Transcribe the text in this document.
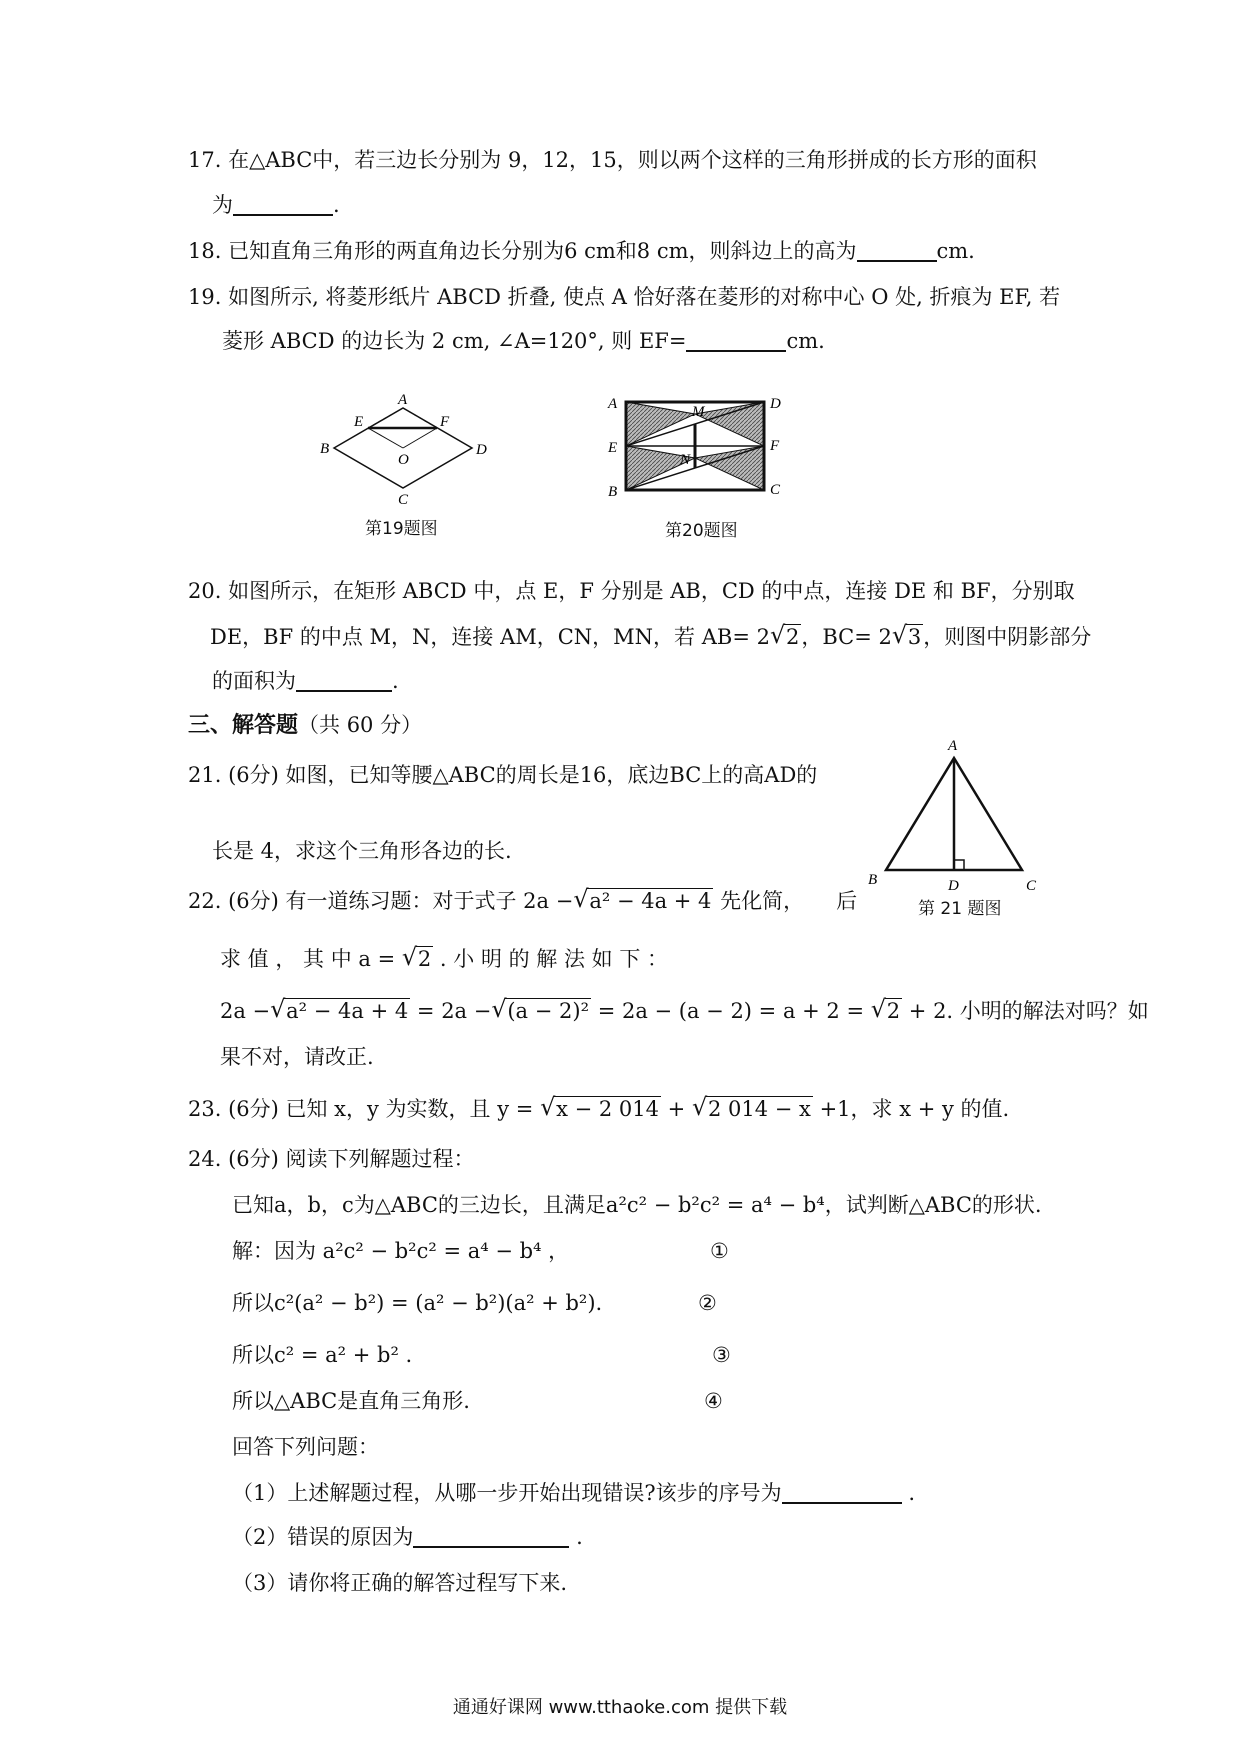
17. 在△ABC中，若三边长分别为 9，12，15，则以两个这样的三角形拼成的长方形的面积
为	.
18. 已知直角三角形的两直角边长分别为6 cm和8 cm，则斜边上的高为	cm.
19. 如图所示, 将菱形纸片 ABCD 折叠, 使点 A 恰好落在菱形的对称中心 O 处, 折痕为 EF, 若
菱形 ABCD 的边长为 2 cm, ∠A=120°, 则 EF=	cm.
A
B	D
C
E	F
O
第19题图
A
E
B
D
F
C
M
N
第20题图
20. 如图所示，在矩形 ABCD 中，点 E，F 分别是 AB，CD 的中点，连接 DE 和 BF，分别取
DE，BF 的中点 M，N，连接 AM，CN，MN，若 AB= 2 √ 2，BC= 2 √ 3，则图中阴影部分
的面积为	.
三、解答题（共 60 分）
A
B	D	C
第 21 题图
21. (6分) 如图，已知等腰△ABC的周长是16，底边BC上的高AD的
长是 4，求这个三角形各边的长.
22. (6分) 有一道练习题：对于式子 2a − √ a² − 4a + 4 先化简， 后
求 值 ， 其 中 a = √ 2 . 小 明 的 解 法 如 下 ：
2a − √ a² − 4a + 4 = 2a − √ (a − 2)² = 2a − (a − 2) = a + 2 = √ 2 + 2. 小明的解法对吗？如
果不对，请改正.
23. (6分) 已知 x，y 为实数，且 y = √ x − 2 014 + √ 2 014 − x +1，求 x + y 的值.
24. (6分) 阅读下列解题过程：
已知a，b，c为△ABC的三边长，且满足a²c² − b²c² = a⁴ − b⁴，试判断△ABC的形状.
解：因为 a²c² − b²c² = a⁴ − b⁴ ，	①
所以c²(a² − b²) = (a² − b²)(a² + b²).	②
所以c² = a² + b² .	③
所以△ABC是直角三角形.	④
回答下列问题：
（1）上述解题过程，从哪一步开始出现错误?该步的序号为	.
（2）错误的原因为	.
（3）请你将正确的解答过程写下来.
通通好课网 www.tthaoke.com 提供下载
